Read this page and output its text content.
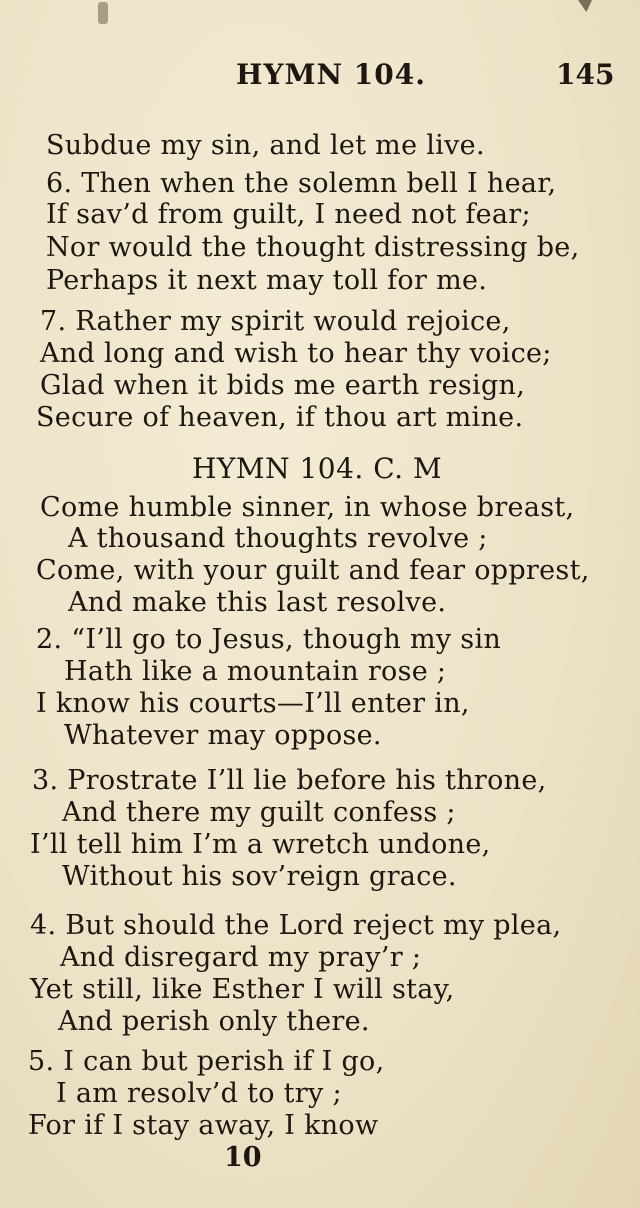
HYMN 104.	145
Subdue my sin, and let me live.
6. Then when the solemn bell I hear,
If sav’d from guilt, I need not fear;
Nor would the thought distressing be,
Perhaps it next may toll for me.
7. Rather my spirit would rejoice,
And long and wish to hear thy voice;
Glad when it bids me earth resign,
Secure of heaven, if thou art mine.
HYMN 104. C. M
Come humble sinner, in whose breast,
A thousand thoughts revolve ;
Come, with your guilt and fear opprest,
And make this last resolve.
2. “I’ll go to Jesus, though my sin
Hath like a mountain rose ;
I know his courts—I’ll enter in,
Whatever may oppose.
3. Prostrate I’ll lie before his throne,
And there my guilt confess ;
I’ll tell him I’m a wretch undone,
Without his sov’reign grace.
4. But should the Lord reject my plea,
And disregard my pray’r ;
Yet still, like Esther I will stay,
And perish only there.
5. I can but perish if I go,
I am resolv’d to try ;
For if I stay away, I know
10
